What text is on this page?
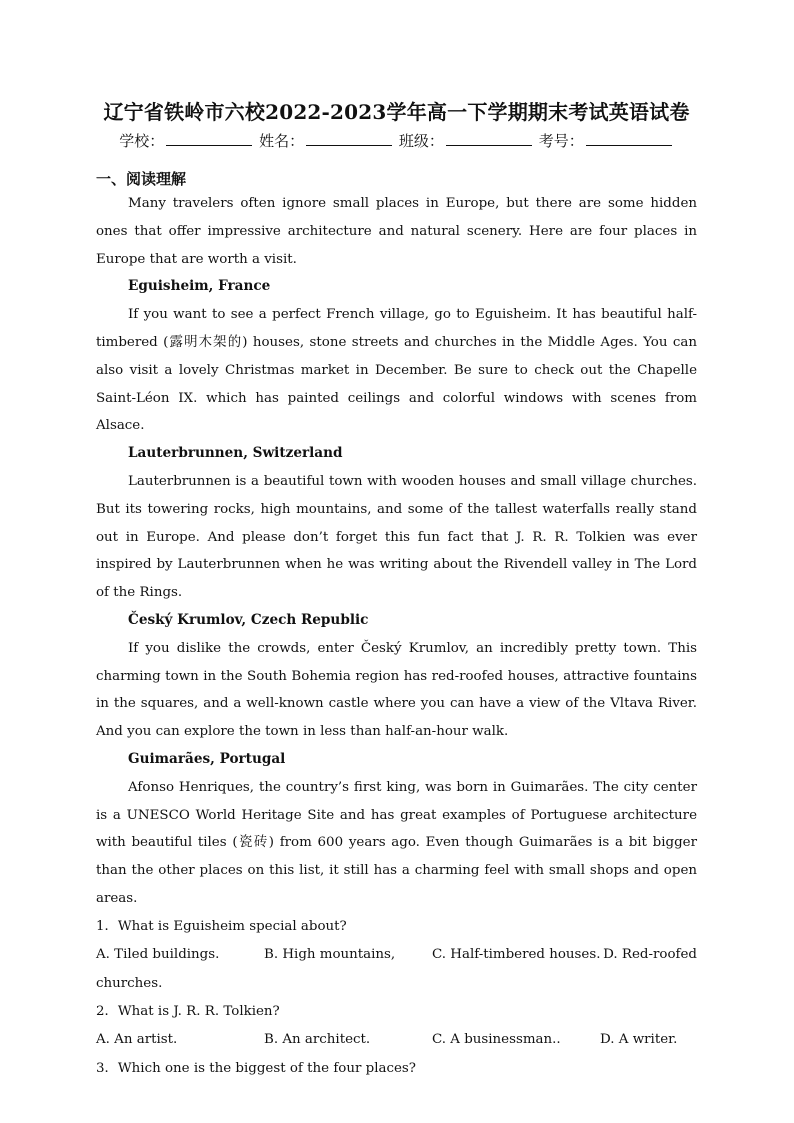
辽宁省铁岭市六校2022-2023学年高一下学期期末考试英语试卷
学校：	姓名：	班级：	考号：
一、阅读理解

Many travelers often ignore small places in Europe, but there are some hidden ones that offer impressive architecture and natural scenery. Here are four places in Europe that are worth a visit.

Eguisheim, France

If you want to see a perfect French village, go to Eguisheim. It has beautiful half-timbered (露明木架的) houses, stone streets and churches in the Middle Ages. You can also visit a lovely Christmas market in December. Be sure to check out the Chapelle Saint-Léon IX. which has painted ceilings and colorful windows with scenes from Alsace.

Lauterbrunnen, Switzerland

Lauterbrunnen is a beautiful town with wooden houses and small village churches. But its towering rocks, high mountains, and some of the tallest waterfalls really stand out in Europe. And please don’t forget this fun fact that J. R. R. Tolkien was ever inspired by Lauterbrunnen when he was writing about the Rivendell valley in The Lord of the Rings.

Český Krumlov, Czech Republic

If you dislike the crowds, enter Český Krumlov, an incredibly pretty town. This charming town in the South Bohemia region has red-roofed houses, attractive fountains in the squares, and a well-known castle where you can have a view of the Vltava River. And you can explore the town in less than half-an-hour walk.

Guimarães, Portugal

Afonso Henriques, the country’s first king, was born in Guimarães. The city center is a UNESCO World Heritage Site and has great examples of Portuguese architecture with beautiful tiles (瓷砖) from 600 years ago. Even though Guimarães is a bit bigger than the other places on this list, it still has a charming feel with small shops and open areas.

1．What is Eguisheim special about?
A. Tiled buildings.	B. High mountains,	C. Half-timbered houses. D. Red-roofed
churches.
2．What is J. R. R. Tolkien?
A. An artist.	B. An architect.	C. A businessman..	D. A writer.
3．Which one is the biggest of the four places?
